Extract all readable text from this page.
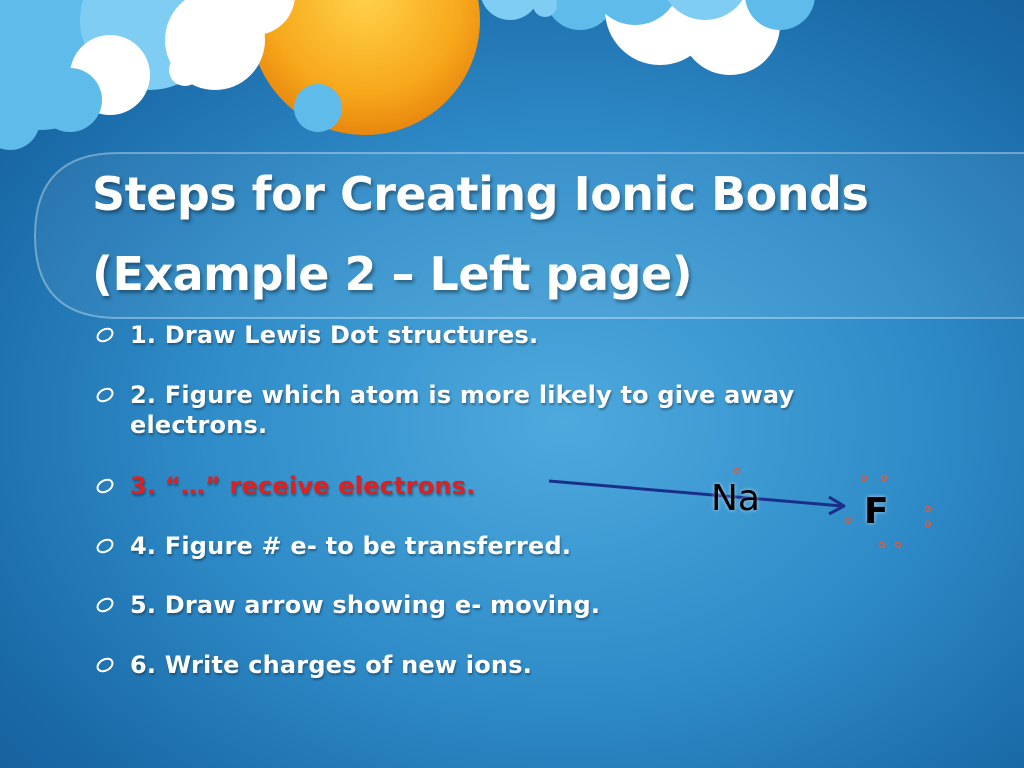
Steps for Creating Ionic Bonds
(Example 2 – Left page)
1. Draw Lewis Dot structures.
2. Figure which atom is more likely to give away electrons.
3. “…” receive electrons.
4. Figure # e- to be transferred.
5. Draw arrow showing e- moving.
6. Write charges of new ions.
Na	F
